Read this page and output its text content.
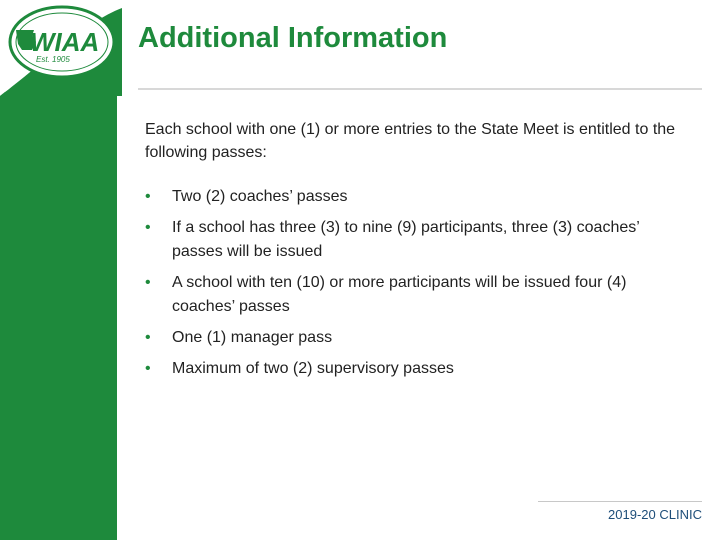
WIAA
Est. 1905
Additional Information

Each school with one (1) or more entries to the State Meet is entitled to the following passes:

• Two (2) coaches’ passes
• If a school has three (3) to nine (9) participants, three (3) coaches’ passes will be issued
• A school with ten (10) or more participants will be issued four (4) coaches’ passes
• One (1) manager pass
• Maximum of two (2) supervisory passes
2019-20 CLINIC
